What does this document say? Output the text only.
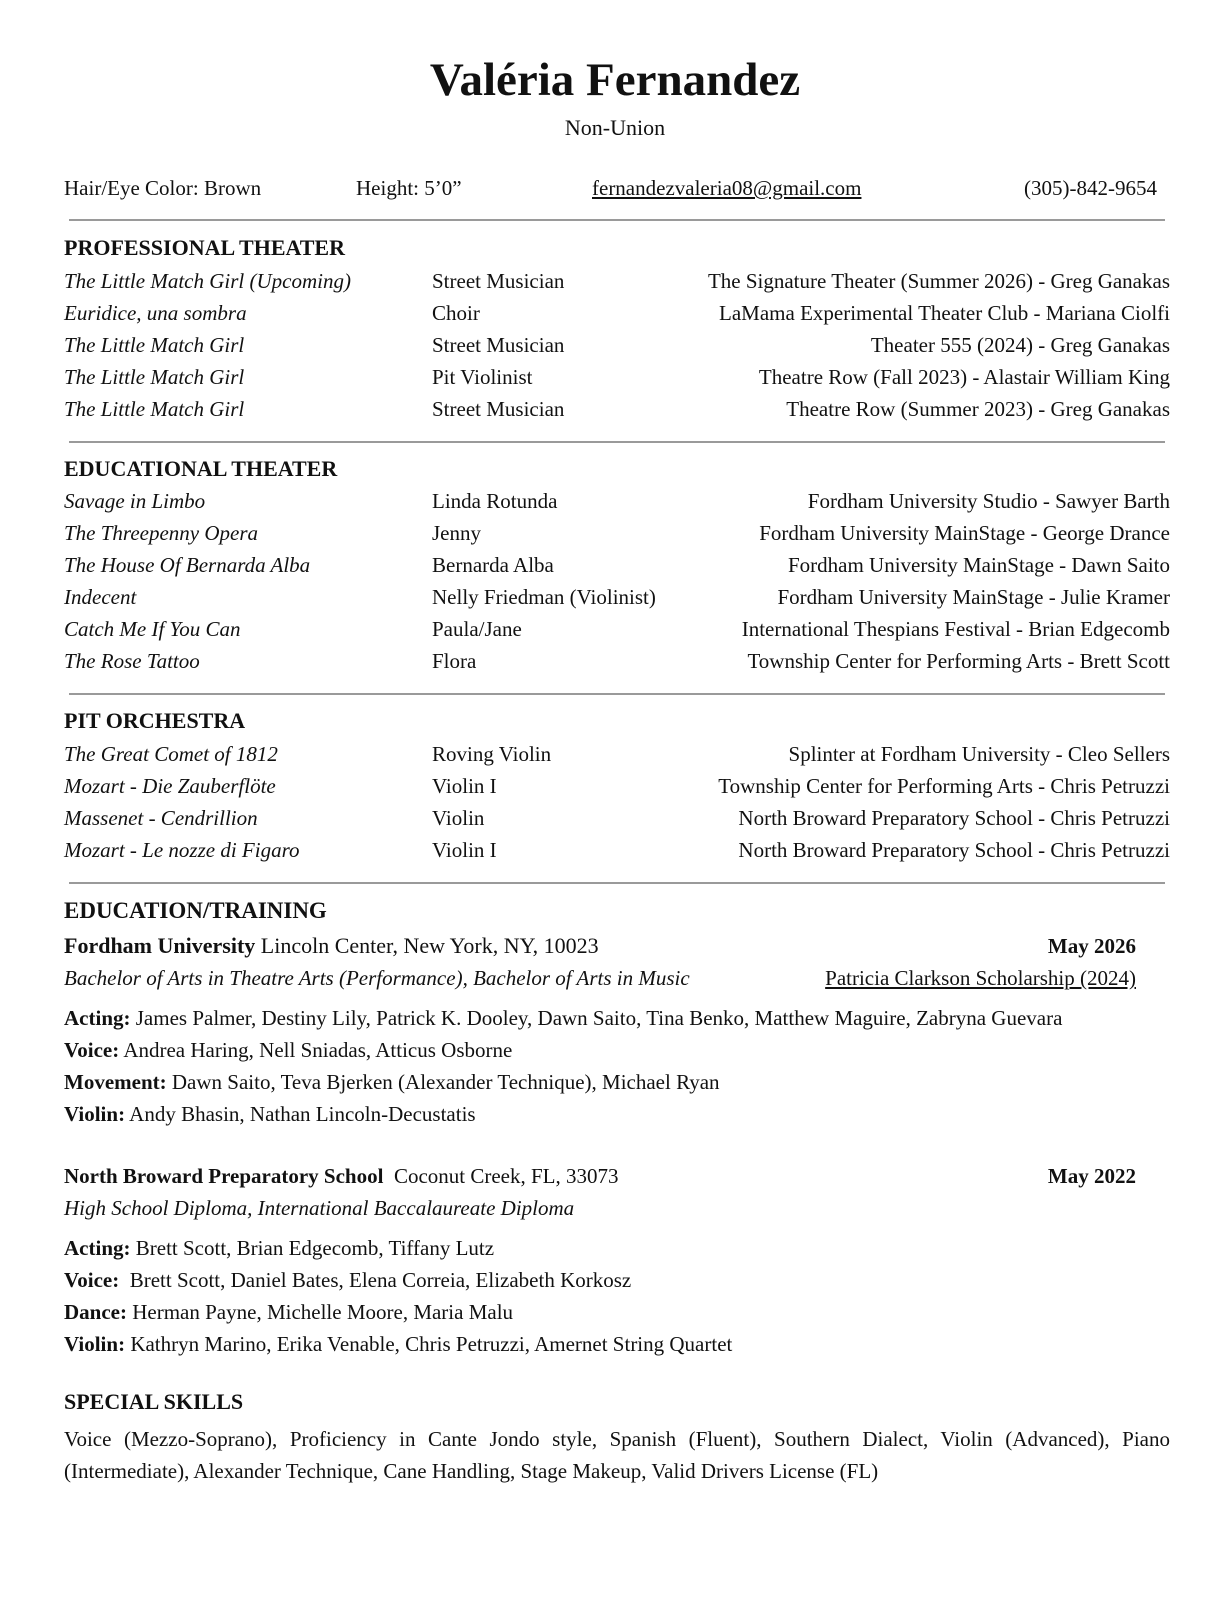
Valéria Fernandez
Non-Union
Hair/Eye Color: Brown	Height: 5’0”	fernandezvaleria08@gmail.com	(305)-842-9654
PROFESSIONAL THEATER
The Little Match Girl (Upcoming)	Street Musician	The Signature Theater (Summer 2026) - Greg Ganakas
Euridice, una sombra	Choir	LaMama Experimental Theater Club - Mariana Ciolfi
The Little Match Girl	Street Musician	Theater 555 (2024) - Greg Ganakas
The Little Match Girl	Pit Violinist	Theatre Row (Fall 2023) - Alastair William King
The Little Match Girl	Street Musician	Theatre Row (Summer 2023) - Greg Ganakas
EDUCATIONAL THEATER
Savage in Limbo	Linda Rotunda	Fordham University Studio - Sawyer Barth
The Threepenny Opera	Jenny	Fordham University MainStage - George Drance
The House Of Bernarda Alba	Bernarda Alba	Fordham University MainStage - Dawn Saito
Indecent	Nelly Friedman (Violinist)	Fordham University MainStage - Julie Kramer
Catch Me If You Can	Paula/Jane	International Thespians Festival - Brian Edgecomb
The Rose Tattoo	Flora	Township Center for Performing Arts - Brett Scott
PIT ORCHESTRA
The Great Comet of 1812	Roving Violin	Splinter at Fordham University - Cleo Sellers
Mozart - Die Zauberflöte	Violin I	Township Center for Performing Arts - Chris Petruzzi
Massenet - Cendrillion	Violin	North Broward Preparatory School - Chris Petruzzi
Mozart - Le nozze di Figaro	Violin I	North Broward Preparatory School - Chris Petruzzi
EDUCATION/TRAINING
Fordham University Lincoln Center, New York, NY, 10023	May 2026
Bachelor of Arts in Theatre Arts (Performance), Bachelor of Arts in Music	Patricia Clarkson Scholarship (2024)
Acting: James Palmer, Destiny Lily, Patrick K. Dooley, Dawn Saito, Tina Benko, Matthew Maguire, Zabryna Guevara
Voice: Andrea Haring, Nell Sniadas, Atticus Osborne
Movement: Dawn Saito, Teva Bjerken (Alexander Technique), Michael Ryan
Violin: Andy Bhasin, Nathan Lincoln-Decustatis
North Broward Preparatory School Coconut Creek, FL, 33073	May 2022
High School Diploma, International Baccalaureate Diploma
Acting: Brett Scott, Brian Edgecomb, Tiffany Lutz
Voice: Brett Scott, Daniel Bates, Elena Correia, Elizabeth Korkosz
Dance: Herman Payne, Michelle Moore, Maria Malu
Violin: Kathryn Marino, Erika Venable, Chris Petruzzi, Amernet String Quartet
SPECIAL SKILLS
Voice (Mezzo-Soprano), Proficiency in Cante Jondo style, Spanish (Fluent), Southern Dialect, Violin (Advanced), Piano (Intermediate), Alexander Technique, Cane Handling, Stage Makeup, Valid Drivers License (FL)
